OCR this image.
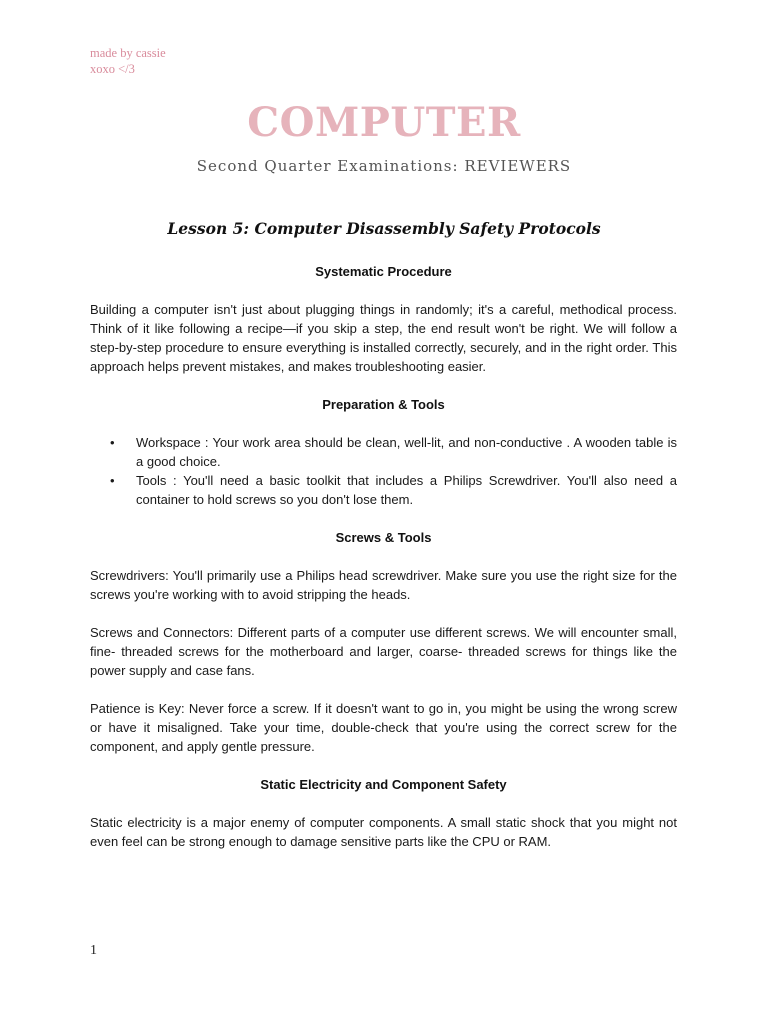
made by cassie
xoxo </3
COMPUTER
Second Quarter Examinations: REVIEWERS
Lesson 5: Computer Disassembly Safety Protocols
Systematic Procedure

Building a computer isn't just about plugging things in randomly; it's a careful, methodical process. Think of it like following a recipe—if you skip a step, the end result won't be right. We will follow a step-by-step procedure to ensure everything is installed correctly, securely, and in the right order. This approach helps prevent mistakes, and makes troubleshooting easier.

Preparation & Tools
• Workspace : Your work area should be clean, well-lit, and non-conductive . A wooden table is a good choice.
• Tools : You'll need a basic toolkit that includes a Philips Screwdriver. You'll also need a container to hold screws so you don't lose them.
Screws & Tools

Screwdrivers: You'll primarily use a Philips head screwdriver. Make sure you use the right size for the screws you're working with to avoid stripping the heads.

Screws and Connectors: Different parts of a computer use different screws. We will encounter small, fine- threaded screws for the motherboard and larger, coarse- threaded screws for things like the power supply and case fans.

Patience is Key: Never force a screw. If it doesn't want to go in, you might be using the wrong screw or have it misaligned. Take your time, double-check that you're using the correct screw for the component, and apply gentle pressure.

Static Electricity and Component Safety

Static electricity is a major enemy of computer components. A small static shock that you might not even feel can be strong enough to damage sensitive parts like the CPU or RAM.

1
